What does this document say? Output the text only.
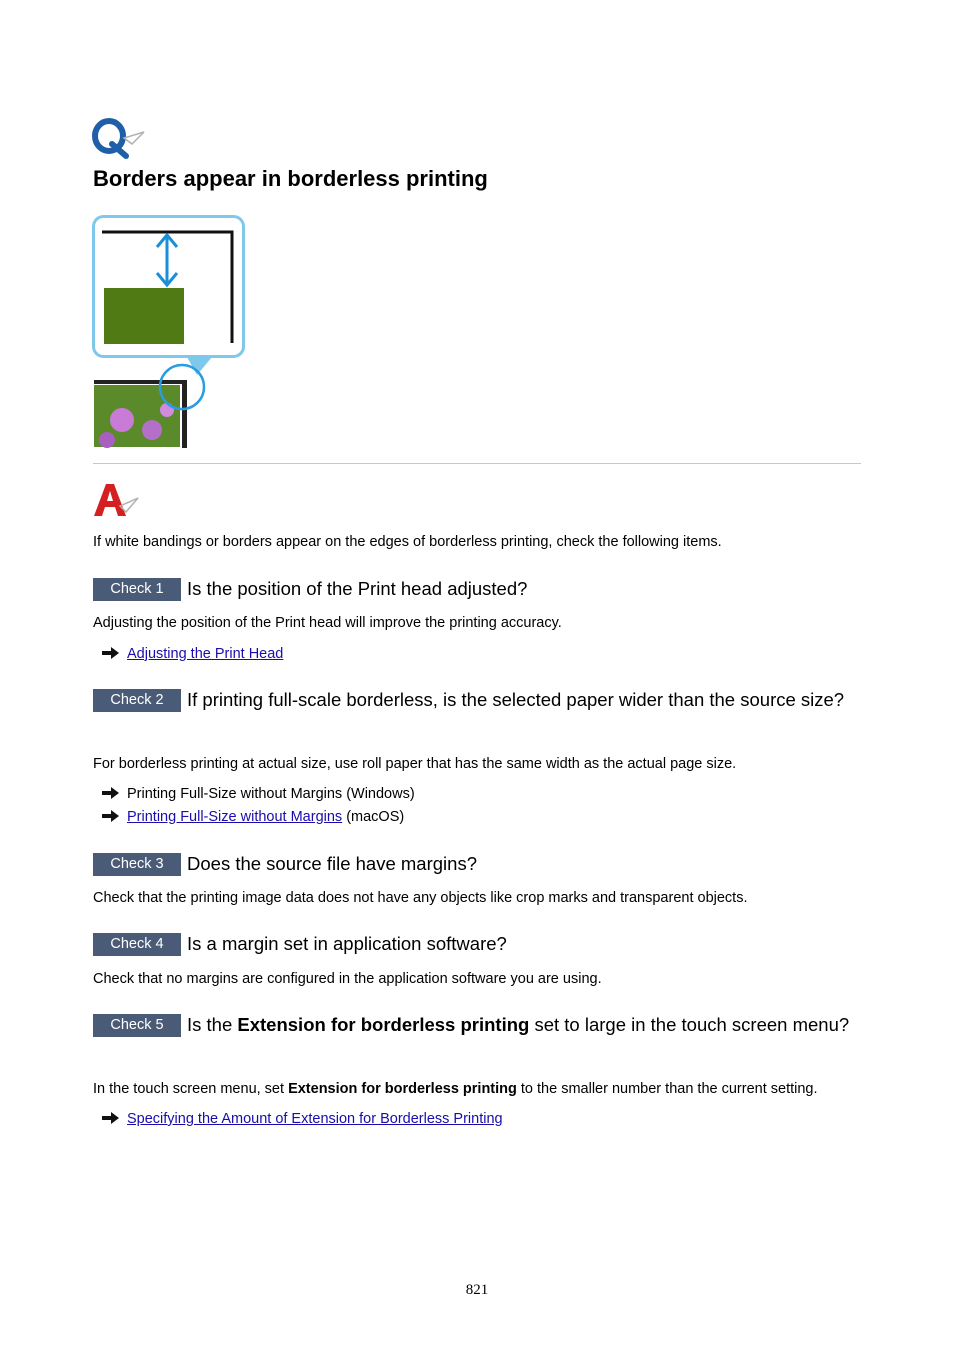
Borders appear in borderless printing
If white bandings or borders appear on the edges of borderless printing, check the following items.
Check 1 Is the position of the Print head adjusted?
Adjusting the position of the Print head will improve the printing accuracy.
Adjusting the Print Head
Check 2 If printing full-scale borderless, is the selected paper wider than the source size?
For borderless printing at actual size, use roll paper that has the same width as the actual page size.
Printing Full-Size without Margins (Windows)
Printing Full-Size without Margins (macOS)
Check 3 Does the source file have margins?
Check that the printing image data does not have any objects like crop marks and transparent objects.
Check 4 Is a margin set in application software?
Check that no margins are configured in the application software you are using.
Check 5 Is the Extension for borderless printing set to large in the touch screen menu?
In the touch screen menu, set Extension for borderless printing to the smaller number than the current setting.
Specifying the Amount of Extension for Borderless Printing
821
